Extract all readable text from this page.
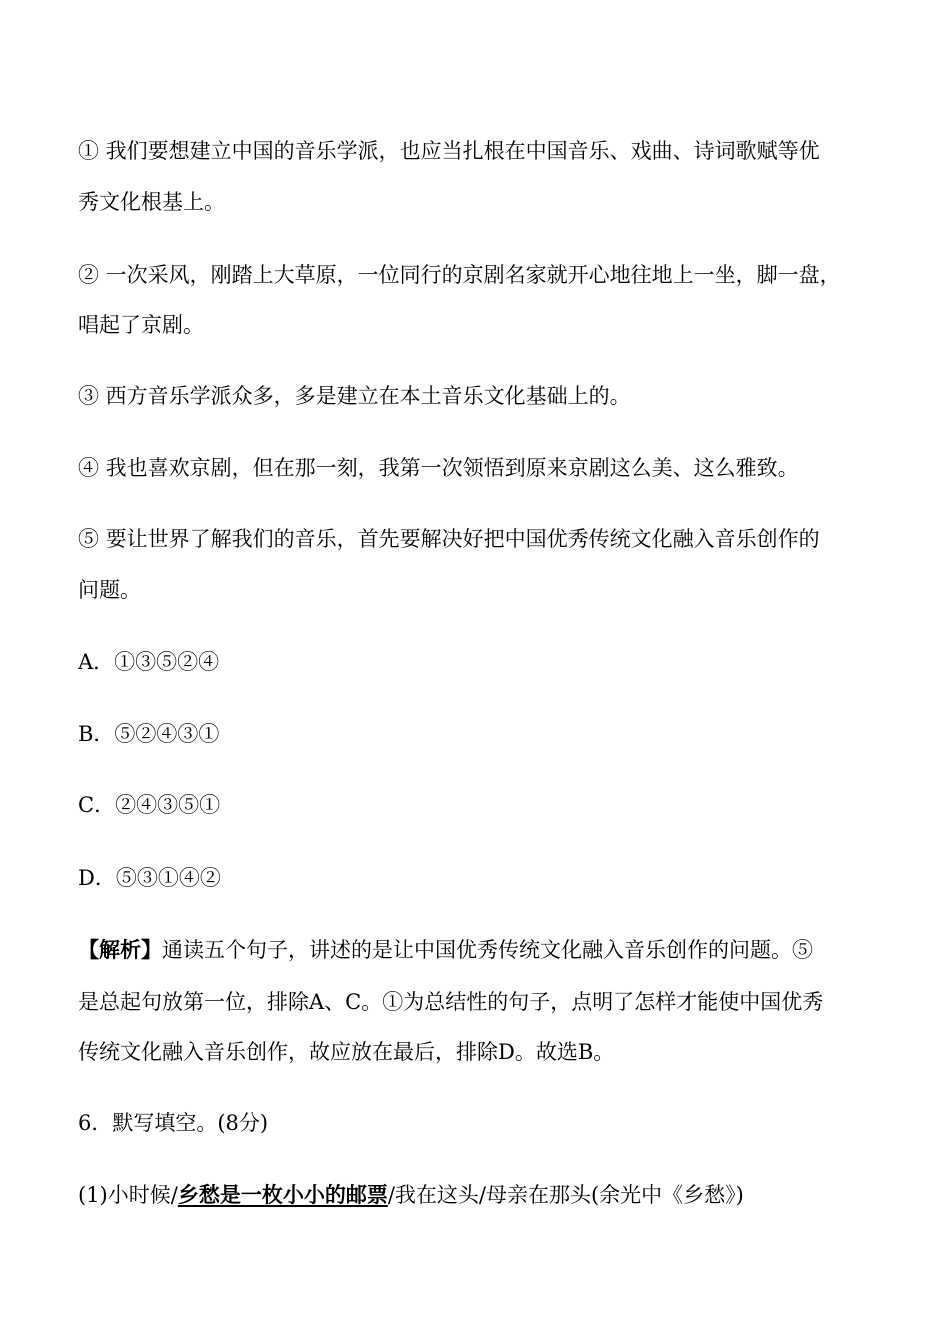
① 我们要想建立中国的音乐学派，也应当扎根在中国音乐、戏曲、诗词歌赋等优
秀文化根基上。
② 一次采风，刚踏上大草原，一位同行的京剧名家就开心地往地上一坐，脚一盘，
唱起了京剧。
③ 西方音乐学派众多，多是建立在本土音乐文化基础上的。
④ 我也喜欢京剧，但在那一刻，我第一次领悟到原来京剧这么美、这么雅致。
⑤ 要让世界了解我们的音乐，首先要解决好把中国优秀传统文化融入音乐创作的
问题。
A．①③⑤②④
B．⑤②④③①
C．②④③⑤①
D．⑤③①④②
【解析】通读五个句子，讲述的是让中国优秀传统文化融入音乐创作的问题。⑤
是总起句放第一位，排除A、C。①为总结性的句子，点明了怎样才能使中国优秀
传统文化融入音乐创作，故应放在最后，排除D。故选B。
6．默写填空。(8分)
(1)小时候/乡愁是一枚小小的邮票/我在这头/母亲在那头(余光中《乡愁》)
